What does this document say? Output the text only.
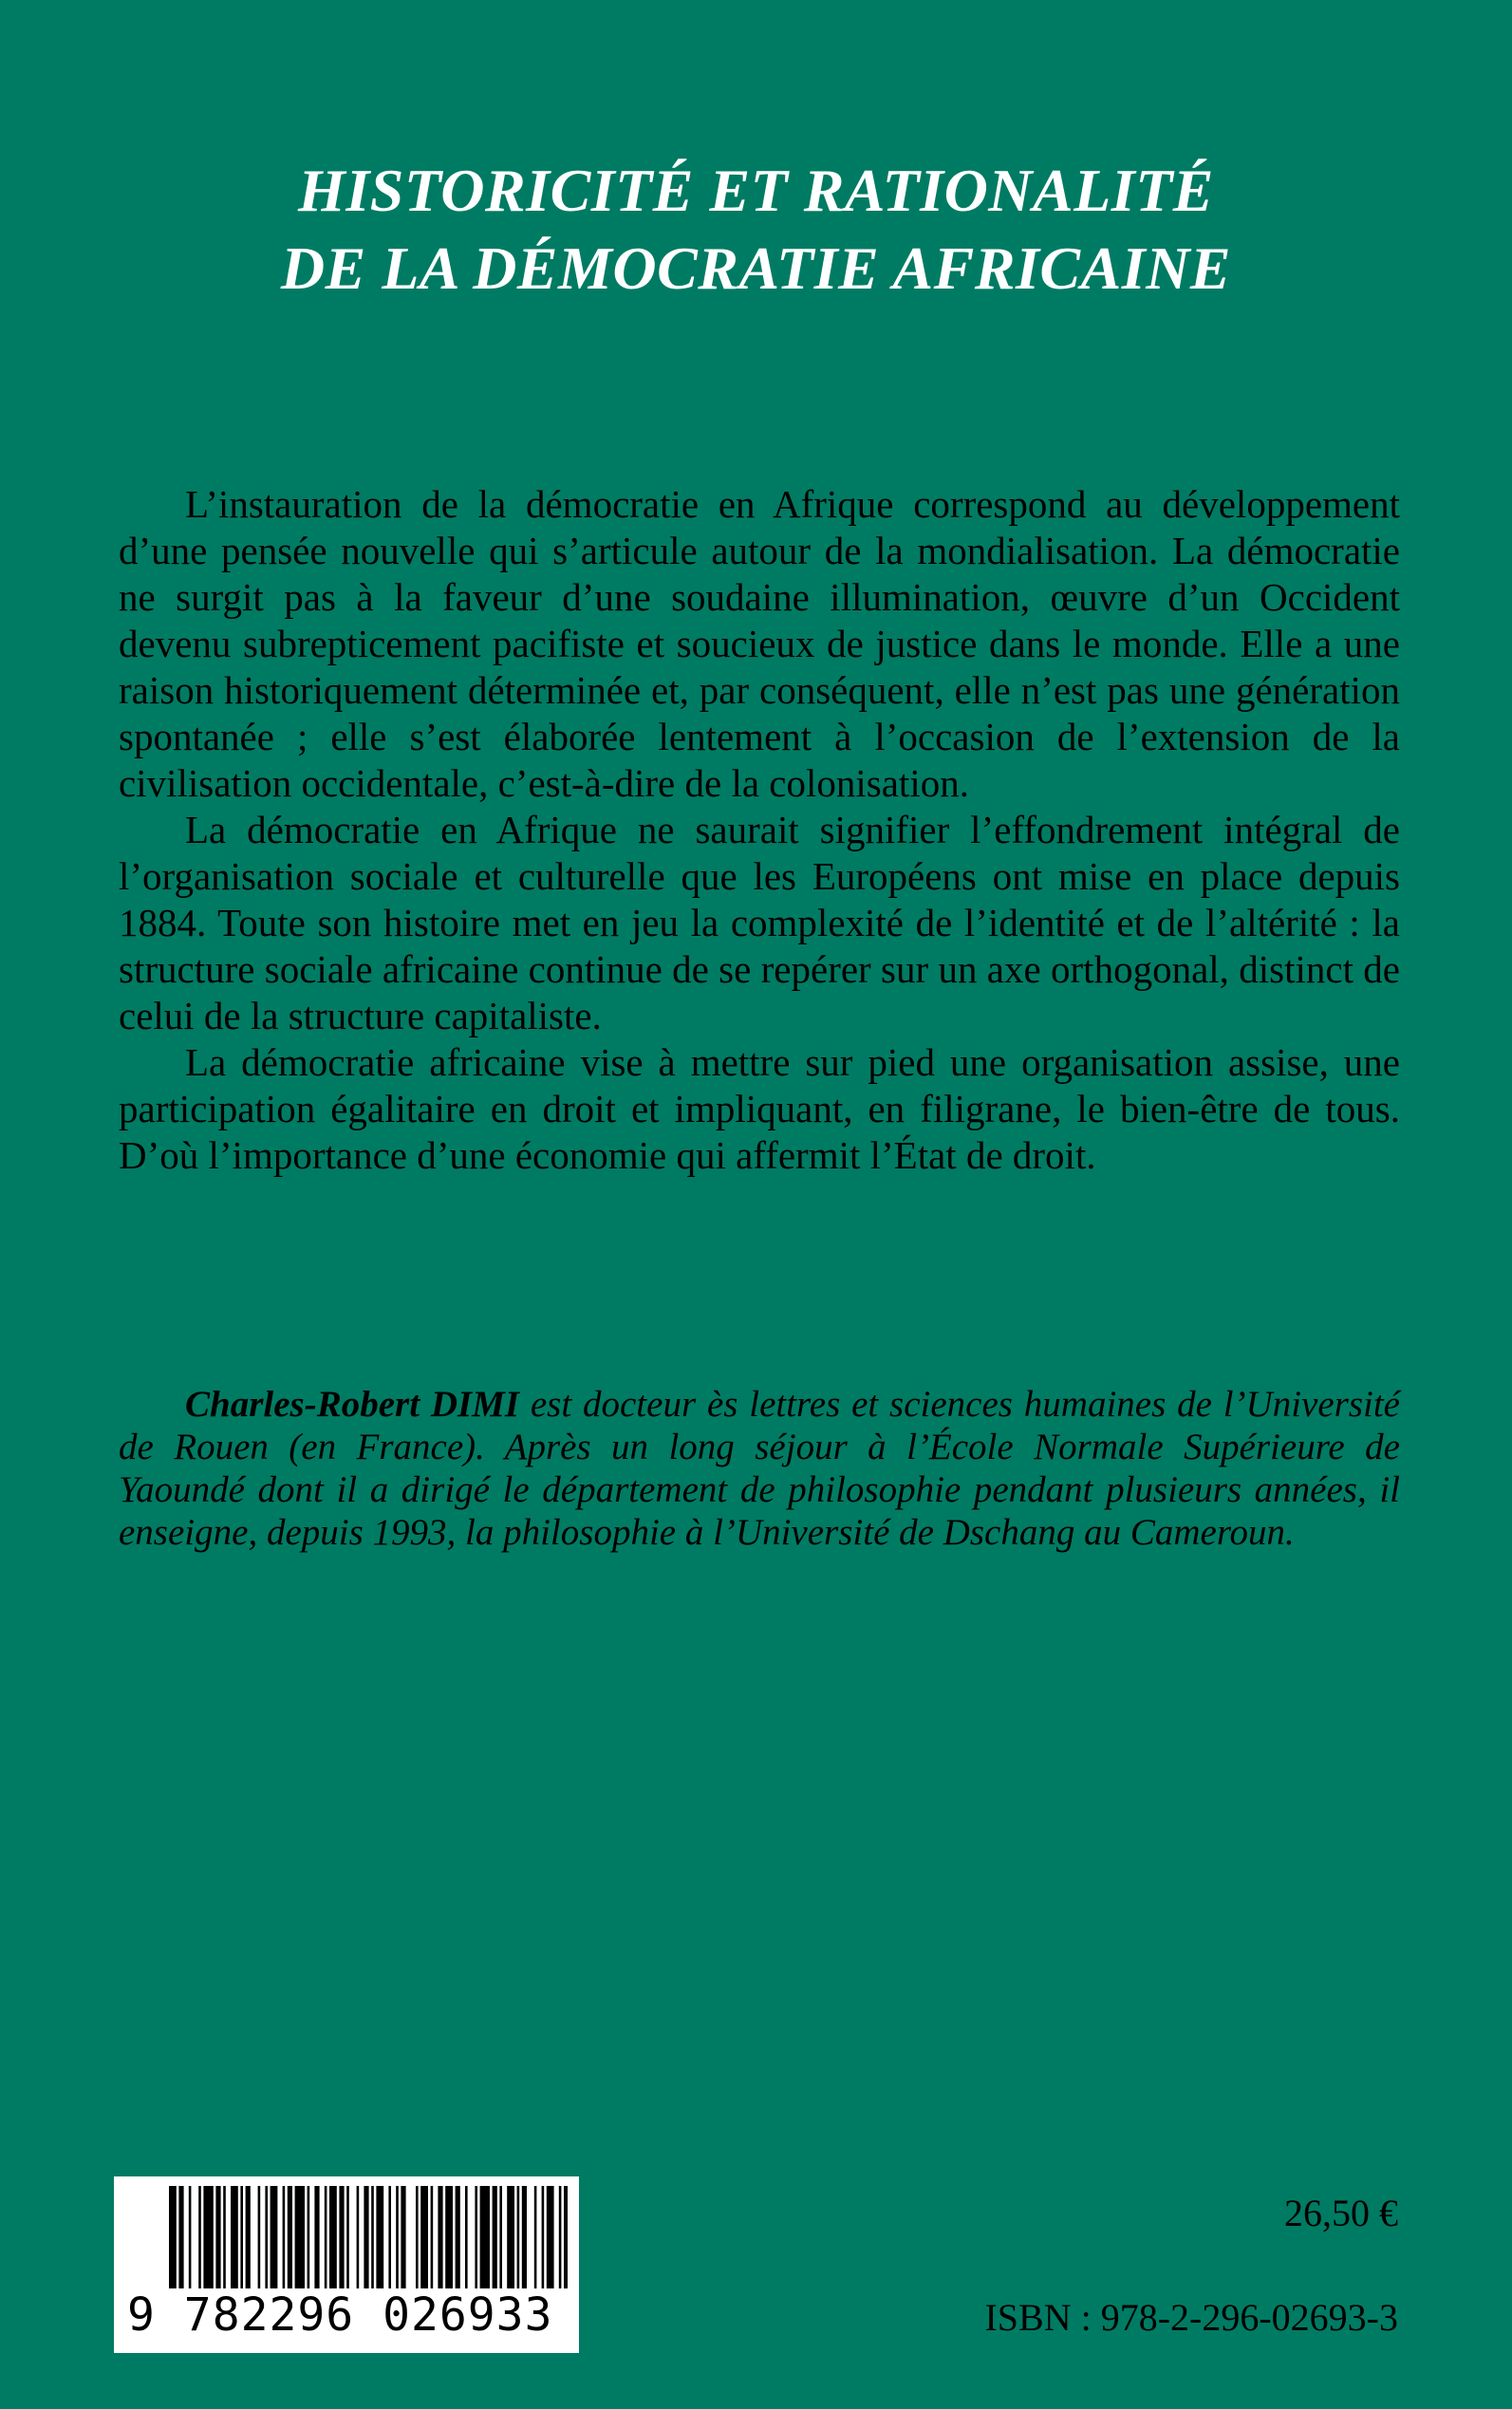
HISTORICITÉ ET RATIONALITÉ
DE LA DÉMOCRATIE AFRICAINE

L’instauration de la démocratie en Afrique correspond au développement d’une pensée nouvelle qui s’articule autour de la mondialisation. La démocratie ne surgit pas à la faveur d’une soudaine illumination, œuvre d’un Occident devenu subrepticement pacifiste et soucieux de justice dans le monde. Elle a une raison historiquement déterminée et, par conséquent, elle n’est pas une génération spontanée ; elle s’est élaborée lentement à l’occasion de l’extension de la civilisation occidentale, c’est-à-dire de la colonisation.

La démocratie en Afrique ne saurait signifier l’effondrement intégral de l’organisation sociale et culturelle que les Européens ont mise en place depuis 1884. Toute son histoire met en jeu la complexité de l’identité et de l’altérité : la structure sociale africaine continue de se repérer sur un axe orthogonal, distinct de celui de la structure capitaliste.

La démocratie africaine vise à mettre sur pied une organisation assise, une participation égalitaire en droit et impliquant, en filigrane, le bien-être de tous. D’où l’importance d’une économie qui affermit l’État de droit.

Charles-Robert DIMI est docteur ès lettres et sciences humaines de l’Université de Rouen (en France). Après un long séjour à l’École Normale Supérieure de Yaoundé dont il a dirigé le département de philosophie pendant plusieurs années, il enseigne, depuis 1993, la philosophie à l’Université de Dschang au Cameroun.

9 782296 026933
26,50 €
ISBN : 978-2-296-02693-3
